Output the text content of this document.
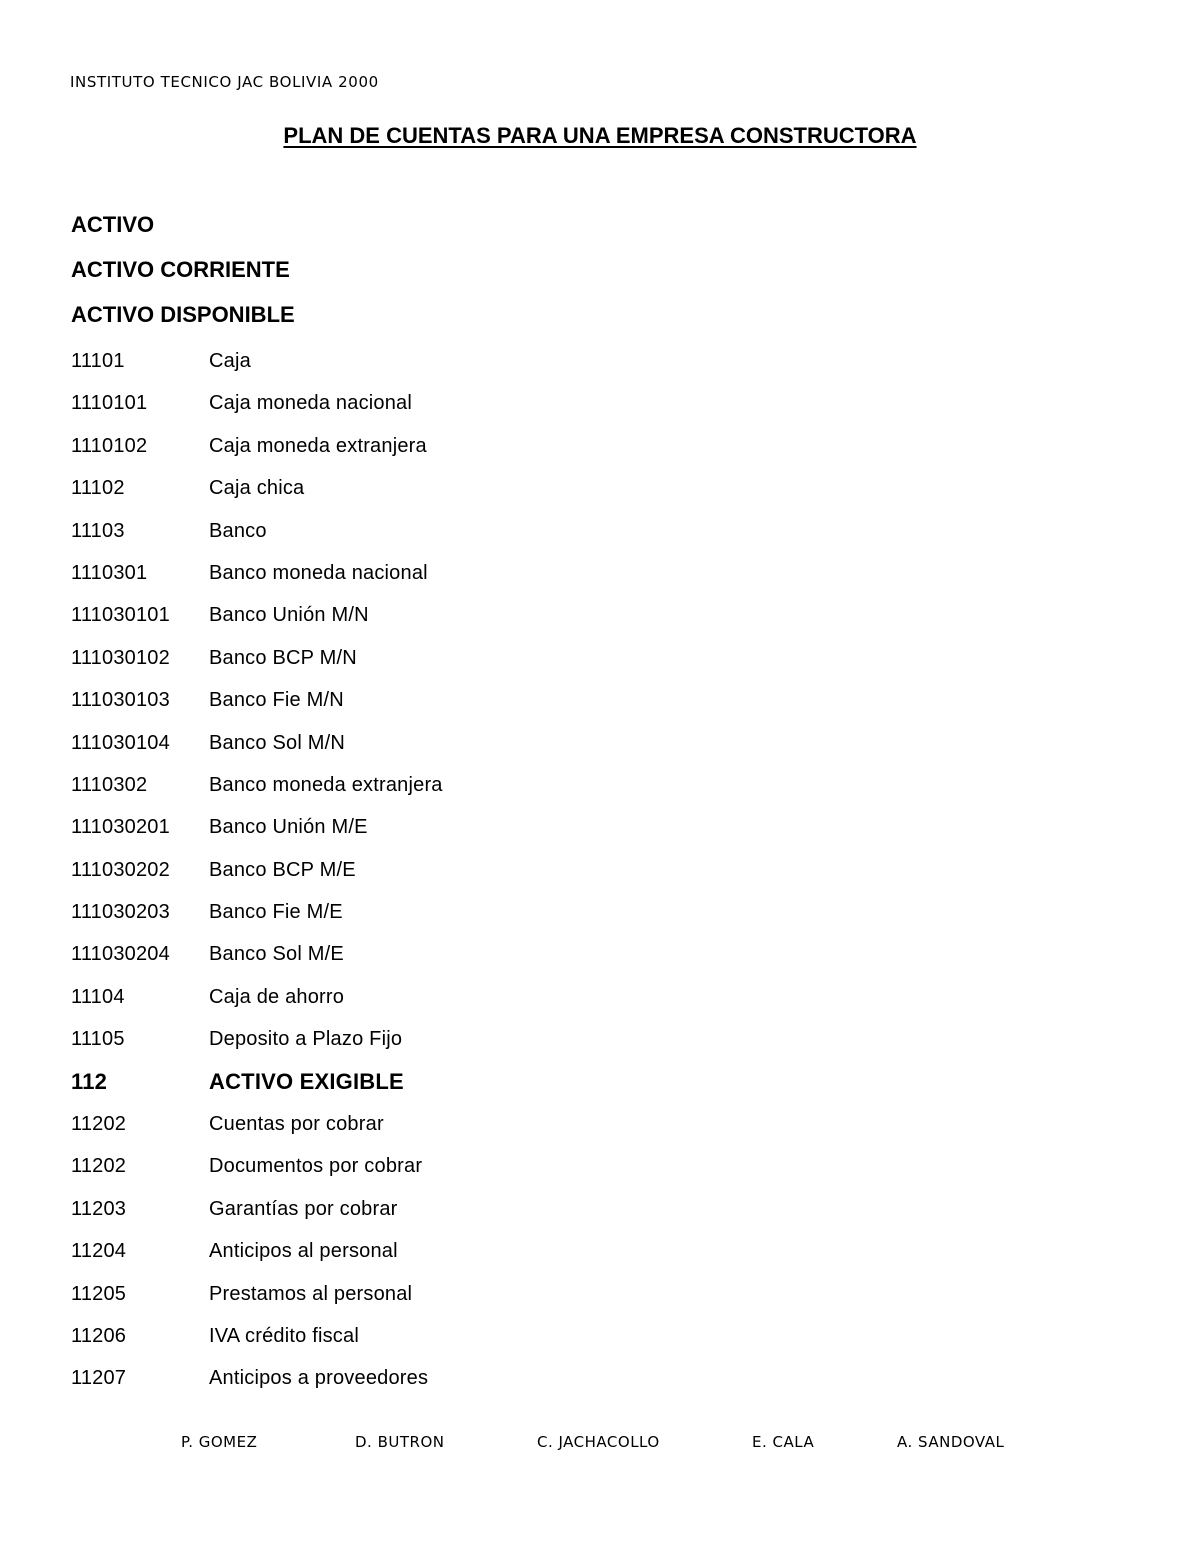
INSTITUTO TECNICO JAC BOLIVIA 2000
PLAN DE CUENTAS PARA UNA EMPRESA CONSTRUCTORA
ACTIVO
ACTIVO CORRIENTE
ACTIVO DISPONIBLE
11101	Caja
1110101	Caja moneda nacional
1110102	Caja moneda extranjera
11102	Caja chica
11103	Banco
1110301	Banco moneda nacional
111030101 Banco Unión M/N
111030102 Banco BCP M/N
111030103 Banco Fie M/N
111030104 Banco Sol M/N
1110302	Banco moneda extranjera
111030201 Banco Unión M/E
111030202 Banco BCP M/E
111030203 Banco Fie M/E
111030204 Banco Sol M/E
11104	Caja de ahorro
11105	Deposito a Plazo Fijo
112	ACTIVO EXIGIBLE
11202	Cuentas por cobrar
11202	Documentos por cobrar
11203	Garantías por cobrar
11204	Anticipos al personal
11205	Prestamos al personal
11206	IVA crédito fiscal
11207	Anticipos a proveedores
P. GOMEZ	D. BUTRON	C. JACHACOLLO	E. CALA	A. SANDOVAL
